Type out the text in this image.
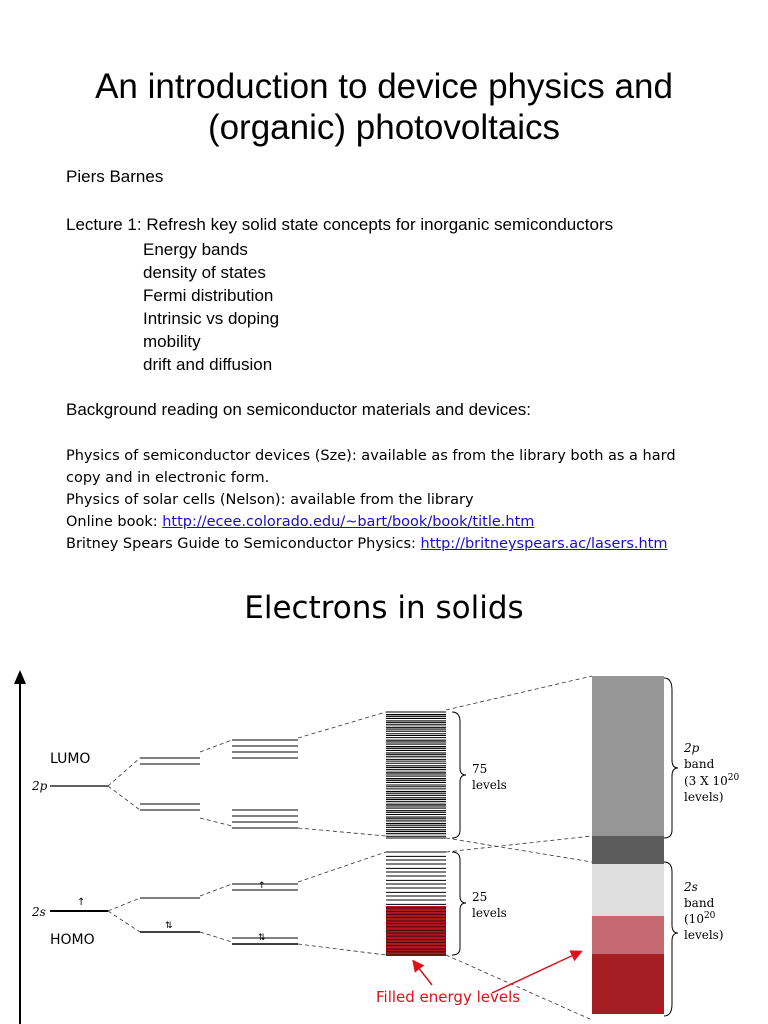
An introduction to device physics and
(organic) photovoltaics
Piers Barnes
Lecture 1: Refresh key solid state concepts for inorganic semiconductors
Energy bands
density of states
Fermi distribution
Intrinsic vs doping
mobility
drift and diffusion
Background reading on semiconductor materials and devices:
Physics of semiconductor devices (Sze): available as from the library both as a hard
copy and in electronic form.
Physics of solar cells (Nelson): available from the library
Online book: http://ecee.colorado.edu/~bart/book/book/title.htm
Britney Spears Guide to Semiconductor Physics: http://britneyspears.ac/lasers.htm
Electrons in solids
LUMO
HOMO
2p
2s
↑
⇅
↑
⇅
75
levels
25
levels
2p
band
(3 X $10^{20}$
levels)
2s
band
($10^{20}$
levels)
Filled energy levels
